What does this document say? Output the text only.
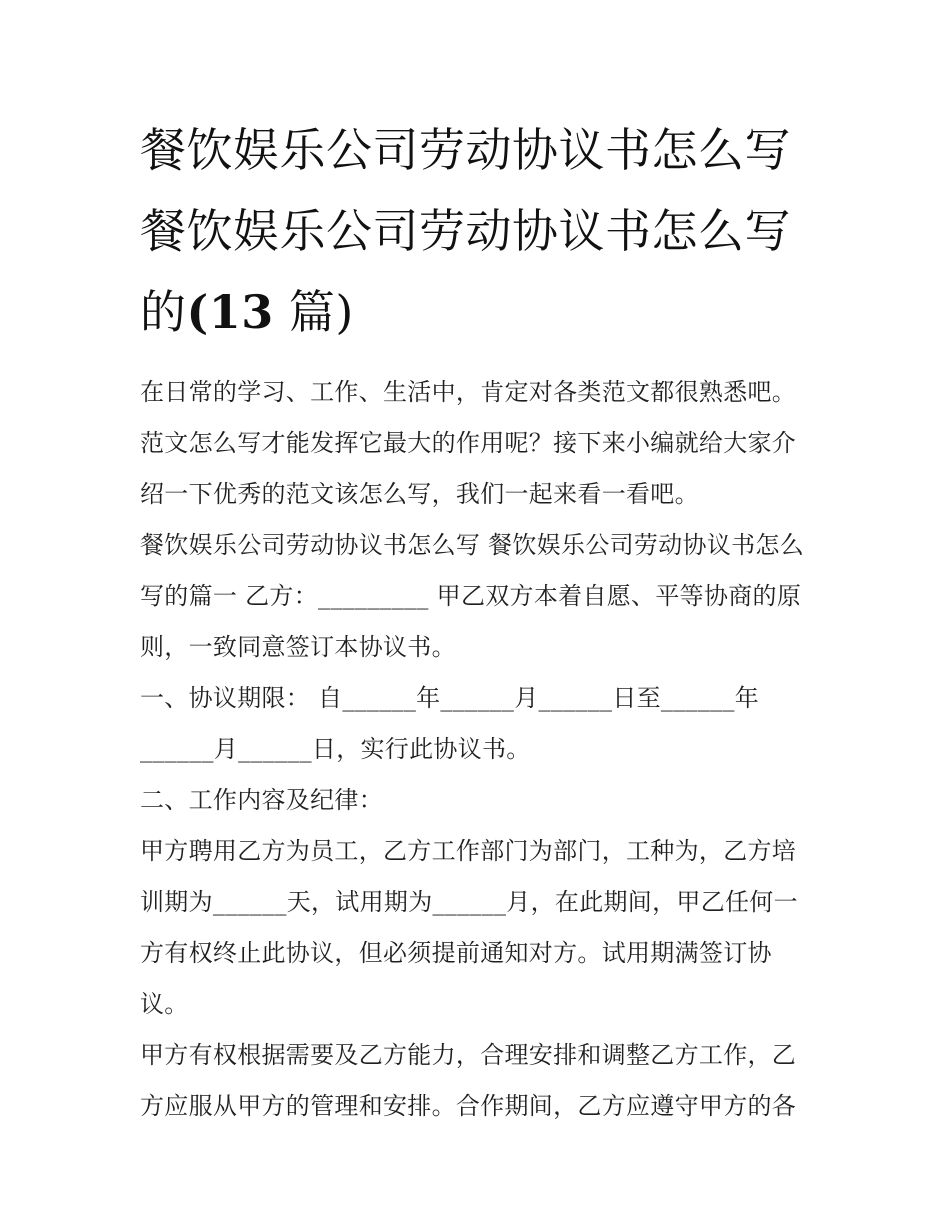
餐饮娱乐公司劳动协议书怎么写 餐饮娱乐公司劳动协议书怎么写的(13 篇)

在日常的学习、工作、生活中，肯定对各类范文都很熟悉吧。范文怎么写才能发挥它最大的作用呢？接下来小编就给大家介绍一下优秀的范文该怎么写，我们一起来看一看吧。

餐饮娱乐公司劳动协议书怎么写 餐饮娱乐公司劳动协议书怎么写的篇一 乙方：_________ 甲乙双方本着自愿、平等协商的原则，一致同意签订本协议书。

一、协议期限： 自______年______月______日至______年______月______日，实行此协议书。

二、工作内容及纪律：

甲方聘用乙方为员工，乙方工作部门为部门，工种为，乙方培训期为______天，试用期为______月，在此期间，甲乙任何一方有权终止此协议，但必须提前通知对方。试用期满签订协议。

甲方有权根据需要及乙方能力，合理安排和调整乙方工作，乙方应服从甲方的管理和安排。合作期间，乙方应遵守甲方的各
